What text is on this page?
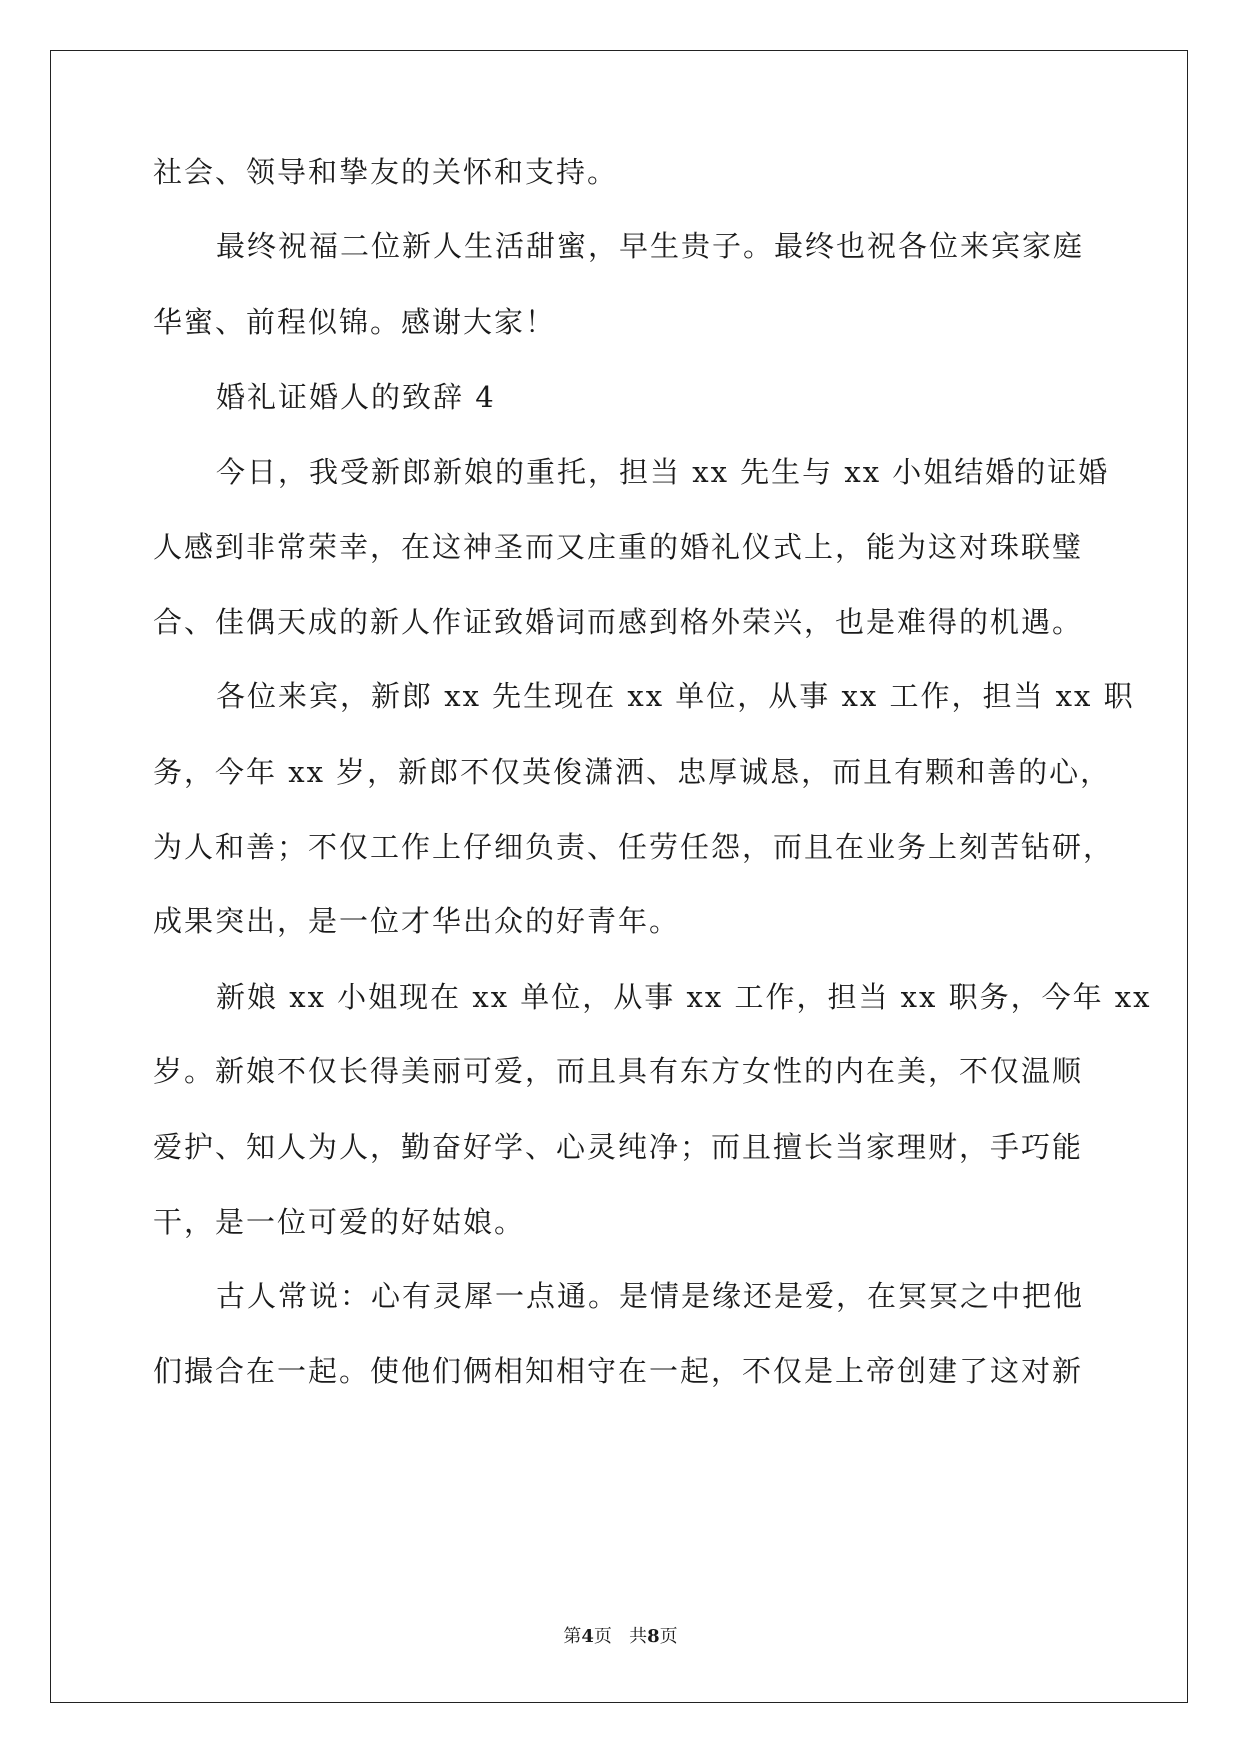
社会、领导和挚友的关怀和支持。
最终祝福二位新人生活甜蜜，早生贵子。最终也祝各位来宾家庭
华蜜、前程似锦。感谢大家！
婚礼证婚人的致辞 4
今日，我受新郎新娘的重托，担当 xx 先生与 xx 小姐结婚的证婚
人感到非常荣幸，在这神圣而又庄重的婚礼仪式上，能为这对珠联璧
合、佳偶天成的新人作证致婚词而感到格外荣兴，也是难得的机遇。
各位来宾，新郎 xx 先生现在 xx 单位，从事 xx 工作，担当 xx 职
务，今年 xx 岁，新郎不仅英俊潇洒、忠厚诚恳，而且有颗和善的心，
为人和善；不仅工作上仔细负责、任劳任怨，而且在业务上刻苦钻研，
成果突出，是一位才华出众的好青年。
新娘 xx 小姐现在 xx 单位，从事 xx 工作，担当 xx 职务，今年 xx
岁。新娘不仅长得美丽可爱，而且具有东方女性的内在美，不仅温顺
爱护、知人为人，勤奋好学、心灵纯净；而且擅长当家理财，手巧能
干，是一位可爱的好姑娘。
古人常说：心有灵犀一点通。是情是缘还是爱，在冥冥之中把他
们撮合在一起。使他们俩相知相守在一起，不仅是上帝创建了这对新
第4页   共8页
